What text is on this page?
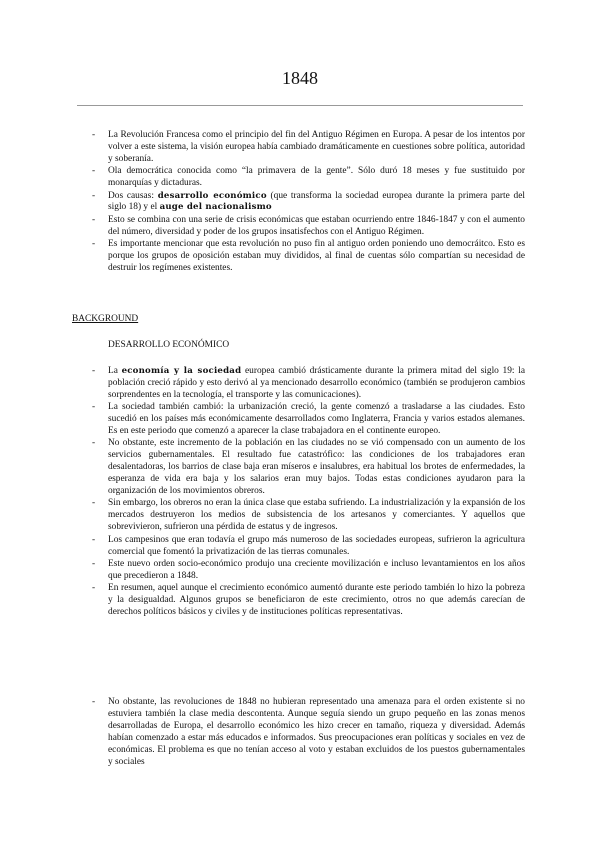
1848
- La Revolución Francesa como el principio del fin del Antiguo Régimen en Europa. A pesar de los intentos por volver a este sistema, la visión europea había cambiado dramáticamente en cuestiones sobre política, autoridad y soberanía.
- Ola democrática conocida como “la primavera de la gente”. Sólo duró 18 meses y fue sustituido por monarquías y dictaduras.
- Dos causas: desarrollo económico (que transforma la sociedad europea durante la primera parte del siglo 18) y el auge del nacionalismo
- Esto se combina con una serie de crisis económicas que estaban ocurriendo entre 1846-1847 y con el aumento del número, diversidad y poder de los grupos insatisfechos con el Antiguo Régimen.
- Es importante mencionar que esta revolución no puso fin al antiguo orden poniendo uno democráitco. Esto es porque los grupos de oposición estaban muy divididos, al final de cuentas sólo compartían su necesidad de destruir los regímenes existentes.
BACKGROUND
DESARROLLO ECONÓMICO
- La economía y la sociedad europea cambió drásticamente durante la primera mitad del siglo 19: la población creció rápido y esto derivó al ya mencionado desarrollo económico (también se produjeron cambios sorprendentes en la tecnología, el transporte y las comunicaciones).
- La sociedad también cambió: la urbanización creció, la gente comenzó a trasladarse a las ciudades. Esto sucedió en los países más económicamente desarrollados como Inglaterra, Francia y varios estados alemanes. Es en este periodo que comenzó a aparecer la clase trabajadora en el continente europeo.
- No obstante, este incremento de la población en las ciudades no se vió compensado con un aumento de los servicios gubernamentales. El resultado fue catastrófico: las condiciones de los trabajadores eran desalentadoras, los barrios de clase baja eran míseros e insalubres, era habitual los brotes de enfermedades, la esperanza de vida era baja y los salarios eran muy bajos. Todas estas condiciones ayudaron para la organización de los movimientos obreros.
- Sin embargo, los obreros no eran la única clase que estaba sufriendo. La industrialización y la expansión de los mercados destruyeron los medios de subsistencia de los artesanos y comerciantes. Y aquellos que sobrevivieron, sufrieron una pérdida de estatus y de ingresos.
- Los campesinos que eran todavía el grupo más numeroso de las sociedades europeas, sufrieron la agricultura comercial que fomentó la privatización de las tierras comunales.
- Este nuevo orden socio-económico produjo una creciente movilización e incluso levantamientos en los años que precedieron a 1848.
- En resumen, aquel aunque el crecimiento económico aumentó durante este periodo también lo hizo la pobreza y la desigualdad. Algunos grupos se beneficiaron de este crecimiento, otros no que además carecían de derechos políticos básicos y civiles y de instituciones políticas representativas.
- No obstante, las revoluciones de 1848 no hubieran representado una amenaza para el orden existente si no estuviera también la clase media descontenta. Aunque seguía siendo un grupo pequeño en las zonas menos desarrolladas de Europa, el desarrollo económico les hizo crecer en tamaño, riqueza y diversidad. Además habían comenzado a estar más educados e informados. Sus preocupaciones eran políticas y sociales en vez de económicas. El problema es que no tenían acceso al voto y estaban excluidos de los puestos gubernamentales y sociales
